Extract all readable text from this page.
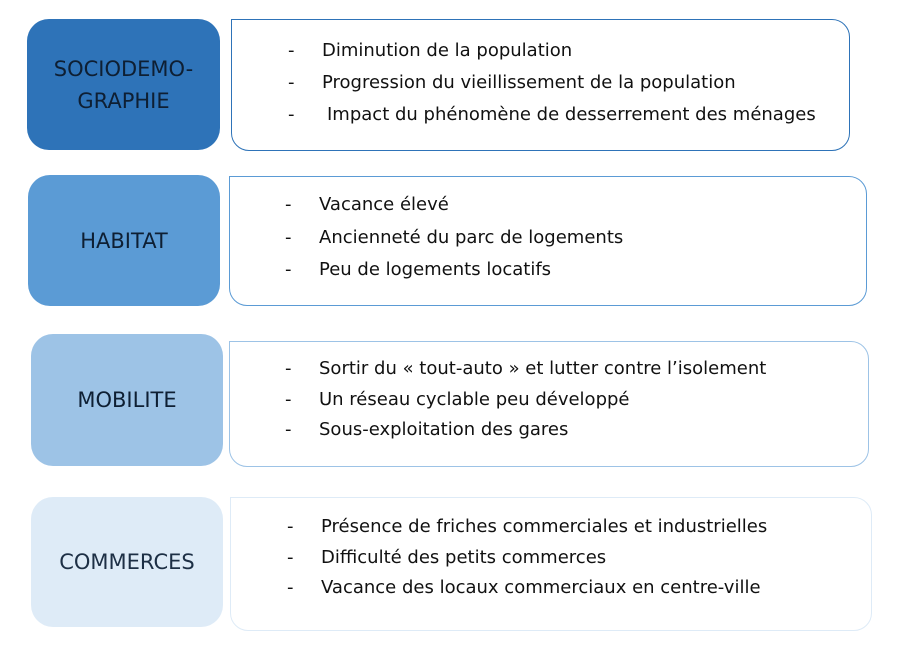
SOCIODEMO-
GRAPHIE
- Diminution de la population
- Progression du vieillissement de la population
- Impact du phénomène de desserrement des ménages
HABITAT
- Vacance élevé
- Ancienneté du parc de logements
- Peu de logements locatifs
MOBILITE
- Sortir du « tout-auto » et lutter contre l’isolement
- Un réseau cyclable peu développé
- Sous-exploitation des gares
COMMERCES
- Présence de friches commerciales et industrielles
- Difficulté des petits commerces
- Vacance des locaux commerciaux en centre-ville
